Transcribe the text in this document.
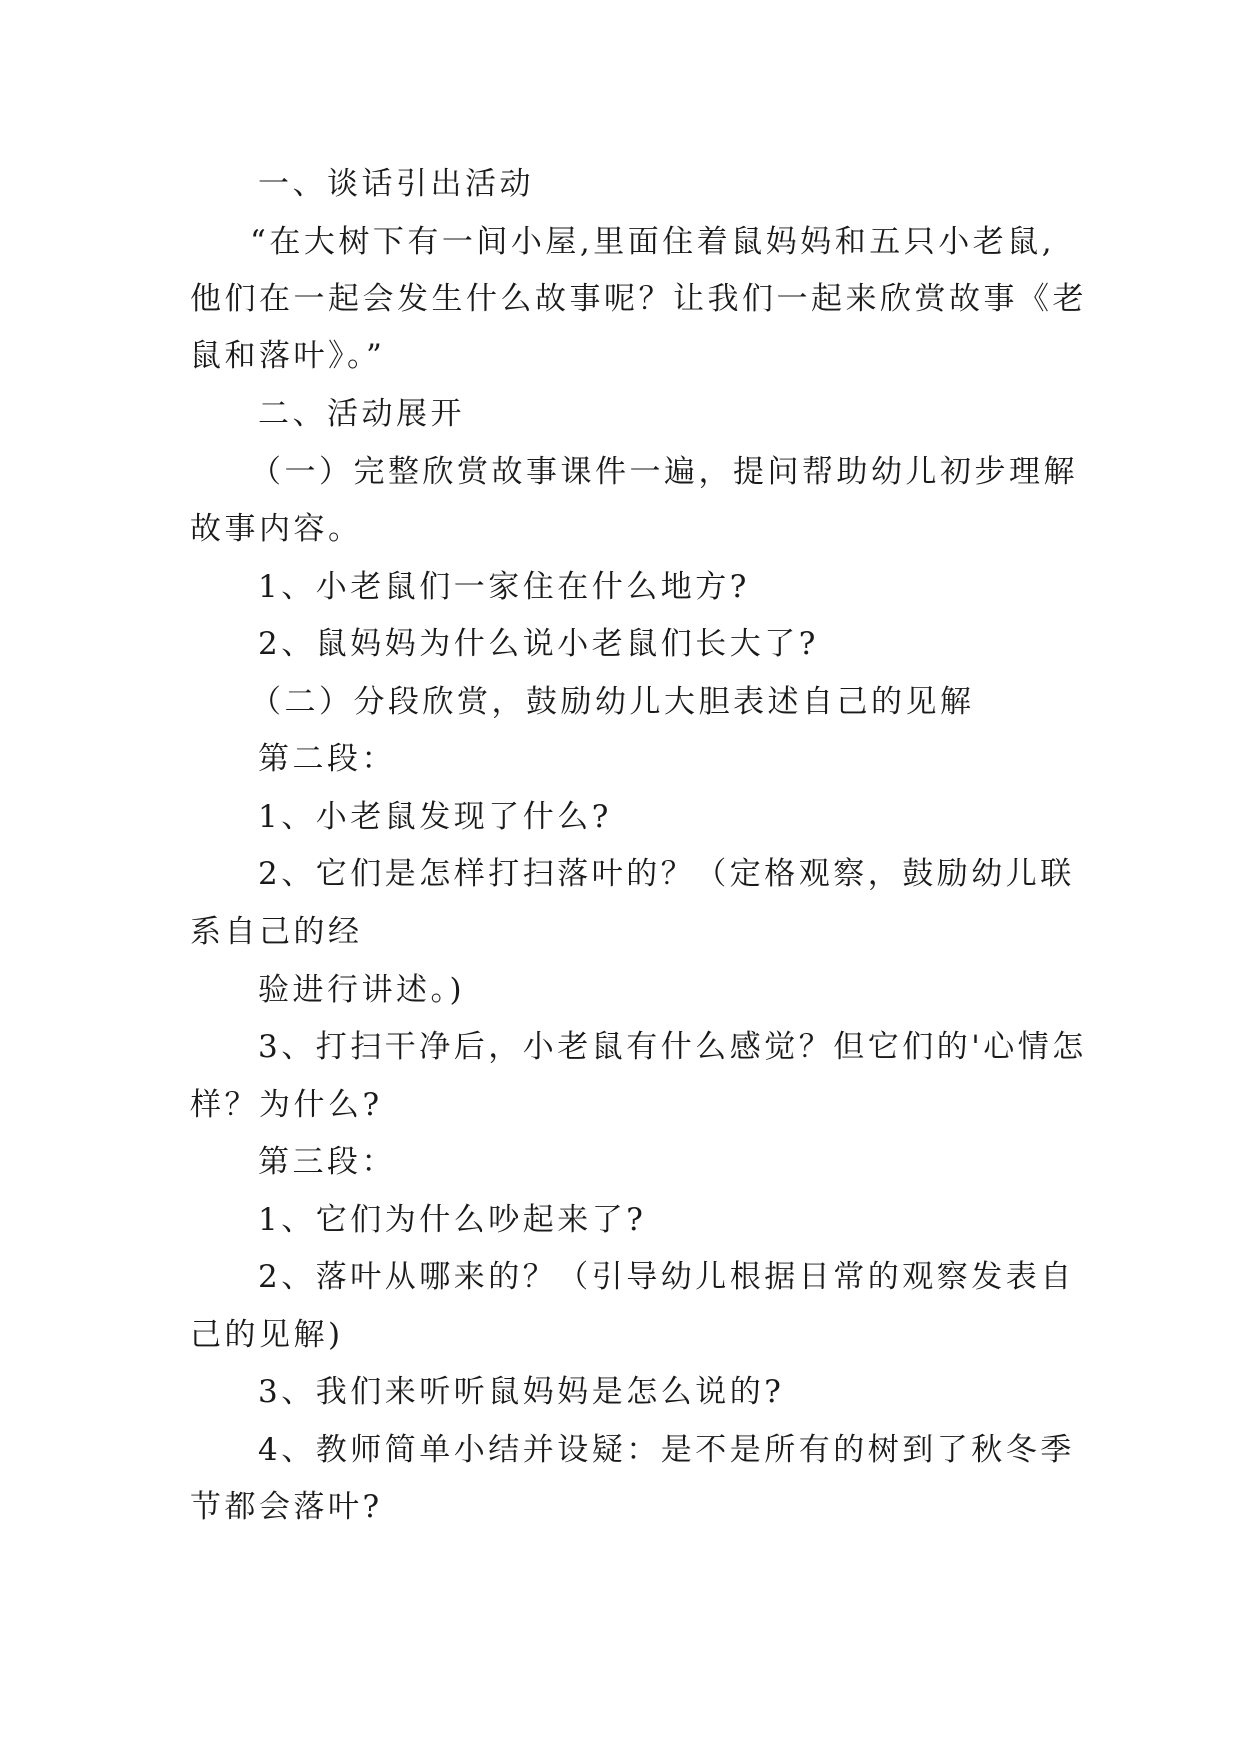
一、谈话引出活动
“在大树下有一间小屋,里面住着鼠妈妈和五只小老鼠,
他们在一起会发生什么故事呢？让我们一起来欣赏故事《老
鼠和落叶》。”
二、活动展开
（一）完整欣赏故事课件一遍，提问帮助幼儿初步理解
故事内容。
1、小老鼠们一家住在什么地方?
2、鼠妈妈为什么说小老鼠们长大了?
（二）分段欣赏，鼓励幼儿大胆表述自己的见解
第二段：
1、小老鼠发现了什么?
2、它们是怎样打扫落叶的？（定格观察，鼓励幼儿联
系自己的经
验进行讲述。)
3、打扫干净后，小老鼠有什么感觉？但它们的'心情怎
样？为什么?
第三段：
1、它们为什么吵起来了?
2、落叶从哪来的？（引导幼儿根据日常的观察发表自
己的见解)
3、我们来听听鼠妈妈是怎么说的?
4、教师简单小结并设疑：是不是所有的树到了秋冬季
节都会落叶?
